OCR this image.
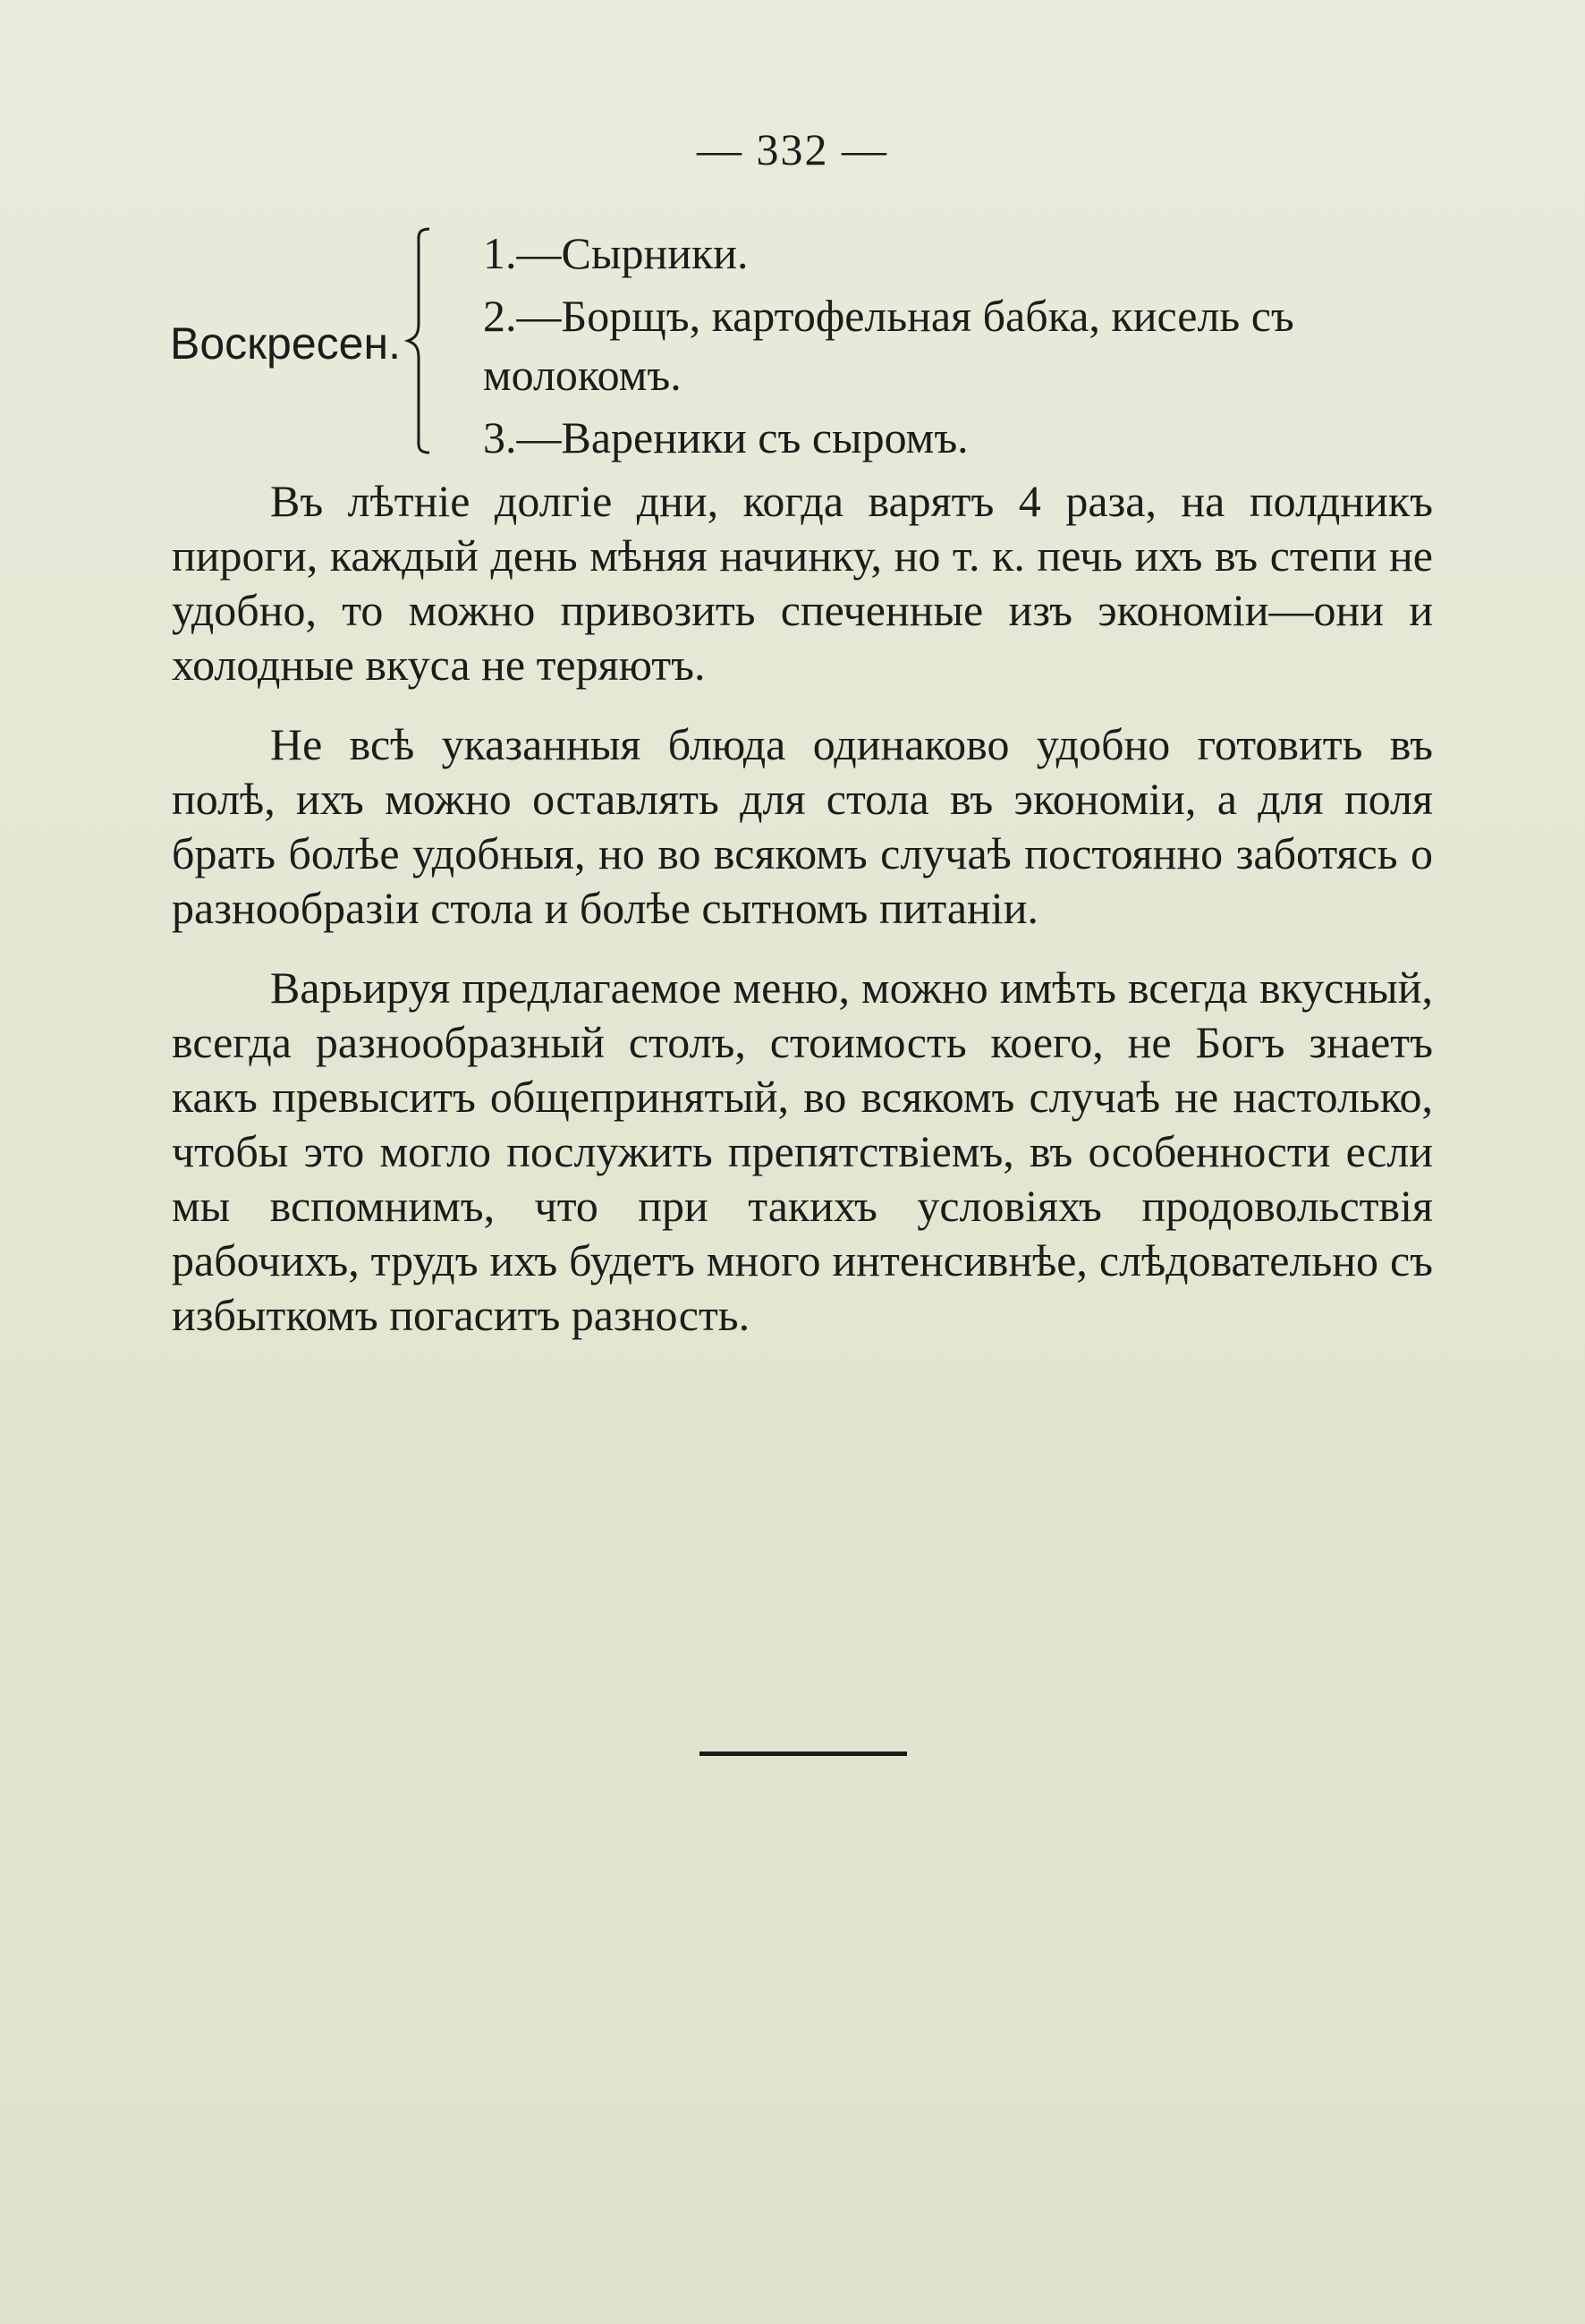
— 332 —
Воскресен.
1.—Сырники.
2.—Борщъ, картофельная бабка, кисель съ молокомъ.
3.—Вареники съ сыромъ.

Въ лѣтніе долгіе дни, когда варятъ 4 раза, на полдникъ пироги, каждый день мѣняя начинку, но т. к. печь ихъ въ степи не удобно, то можно привозить спеченные изъ экономіи—они и холодные вкуса не теряютъ.

Не всѣ указанныя блюда одинаково удобно готовить въ полѣ, ихъ можно оставлять для стола въ экономіи, а для поля брать болѣе удобныя, но во всякомъ случаѣ постоянно заботясь о разнообразіи стола и болѣе сытномъ питаніи.

Варьируя предлагаемое меню, можно имѣть всегда вкусный, всегда разнообразный столъ, стоимость коего, не Богъ знаетъ какъ превыситъ общепринятый, во всякомъ случаѣ не настолько, чтобы это могло послужить препятствіемъ, въ особенности если мы вспомнимъ, что при такихъ условіяхъ продовольствія рабочихъ, трудъ ихъ будетъ много интенсивнѣе, слѣдовательно съ избыткомъ погаситъ разность.
